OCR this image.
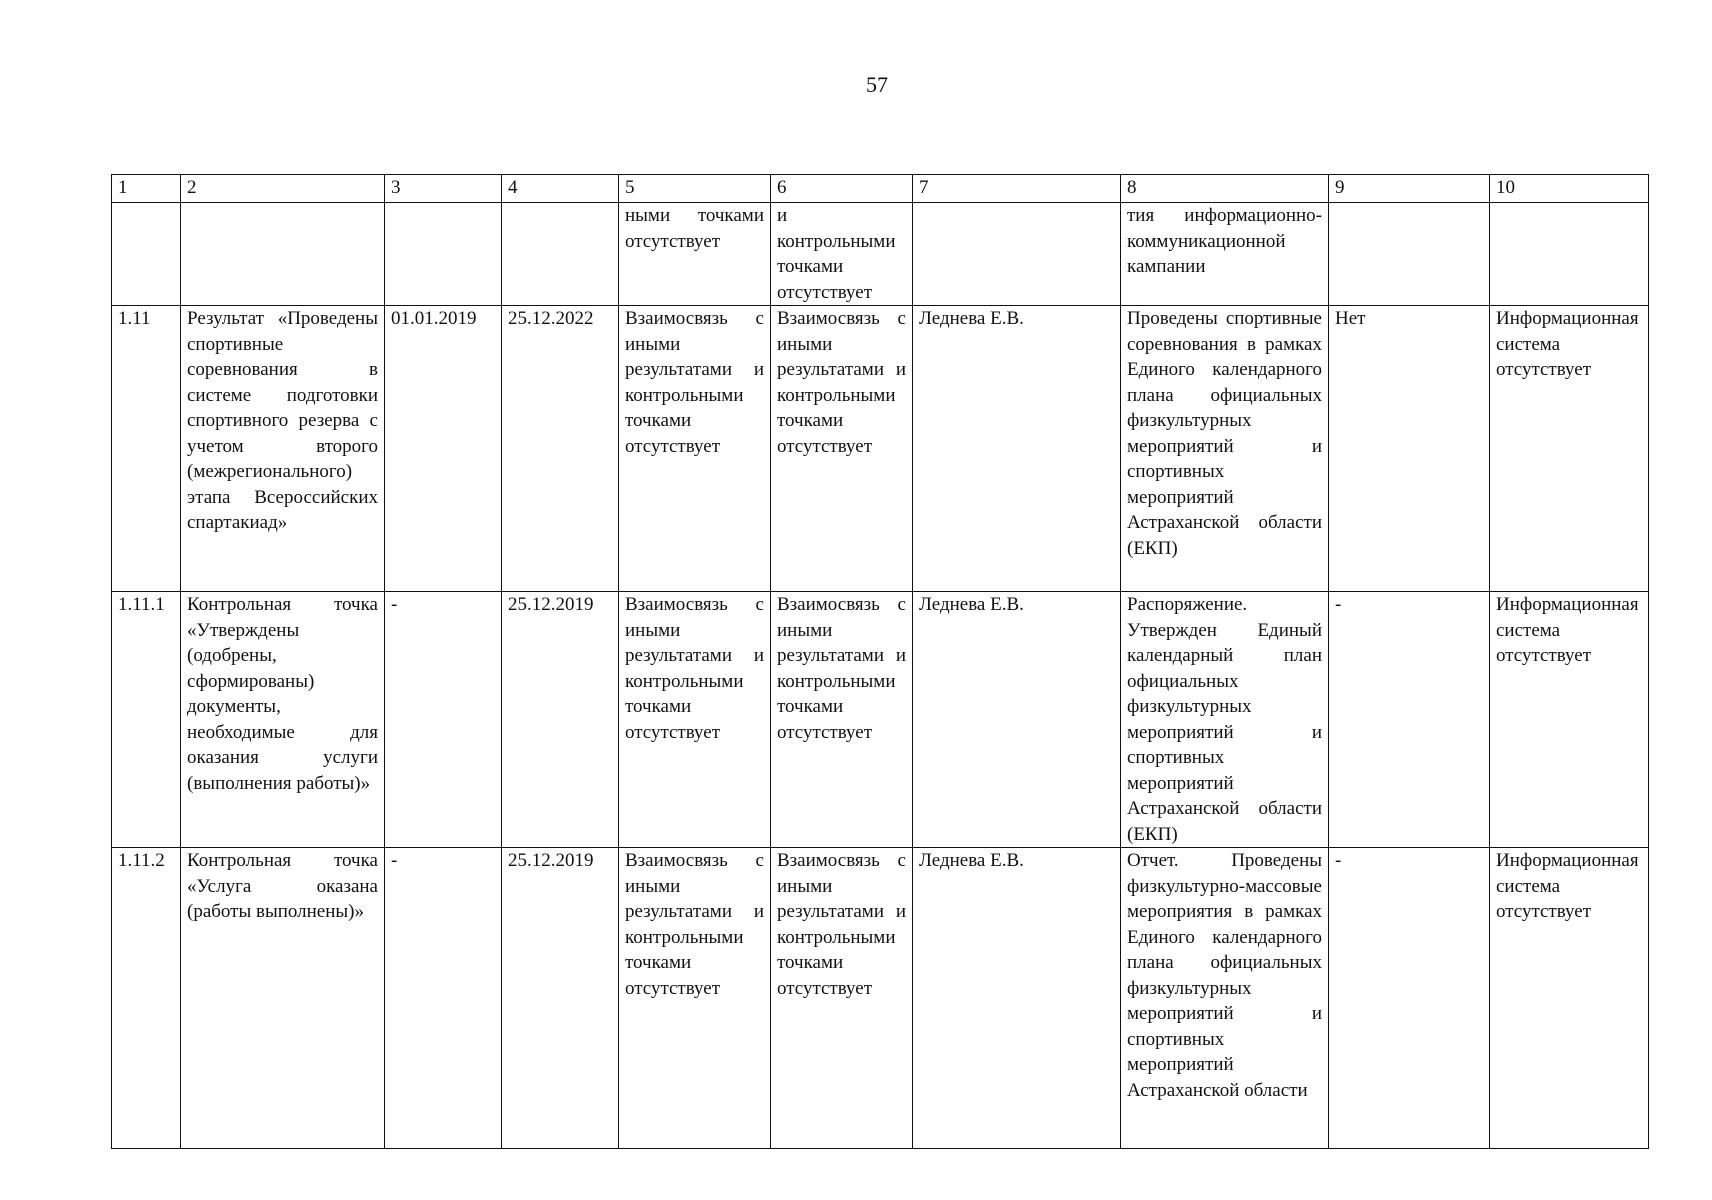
57
1	2	3	4	5	6	7	8	9	10
				ными точками отсутствует	и контрольными точками отсутствует		тия информационно-коммуникационной кампании		
1.11	Результат «Проведены спортивные соревнования в системе подготовки спортивного резерва с учетом второго (межрегионального) этапа Всероссийских спартакиад»	01.01.2019	25.12.2022	Взаимосвязь с иными результатами и контрольными точками отсутствует	Взаимосвязь с иными результатами и контрольными точками отсутствует	Леднева Е.В.	Проведены спортивные соревнования в рамках Единого календарного плана официальных физкультурных мероприятий и спортивных мероприятий Астраханской области (ЕКП)	Нет	Информационная система отсутствует
1.11.1	Контрольная точка «Утверждены (одобрены, сформированы) документы, необходимые для оказания услуги (выполнения работы)»	-	25.12.2019	Взаимосвязь с иными результатами и контрольными точками отсутствует	Взаимосвязь с иными результатами и контрольными точками отсутствует	Леднева Е.В.	Распоряжение. Утвержден Единый календарный план официальных физкультурных мероприятий и спортивных мероприятий Астраханской области (ЕКП)	-	Информационная система отсутствует
1.11.2	Контрольная точка «Услуга оказана (работы выполнены)»	-	25.12.2019	Взаимосвязь с иными результатами и контрольными точками отсутствует	Взаимосвязь с иными результатами и контрольными точками отсутствует	Леднева Е.В.	Отчет. Проведены физкультурно-массовые мероприятия в рамках Единого календарного плана официальных физкультурных мероприятий и спортивных мероприятий Астраханской области	-	Информационная система отсутствует
